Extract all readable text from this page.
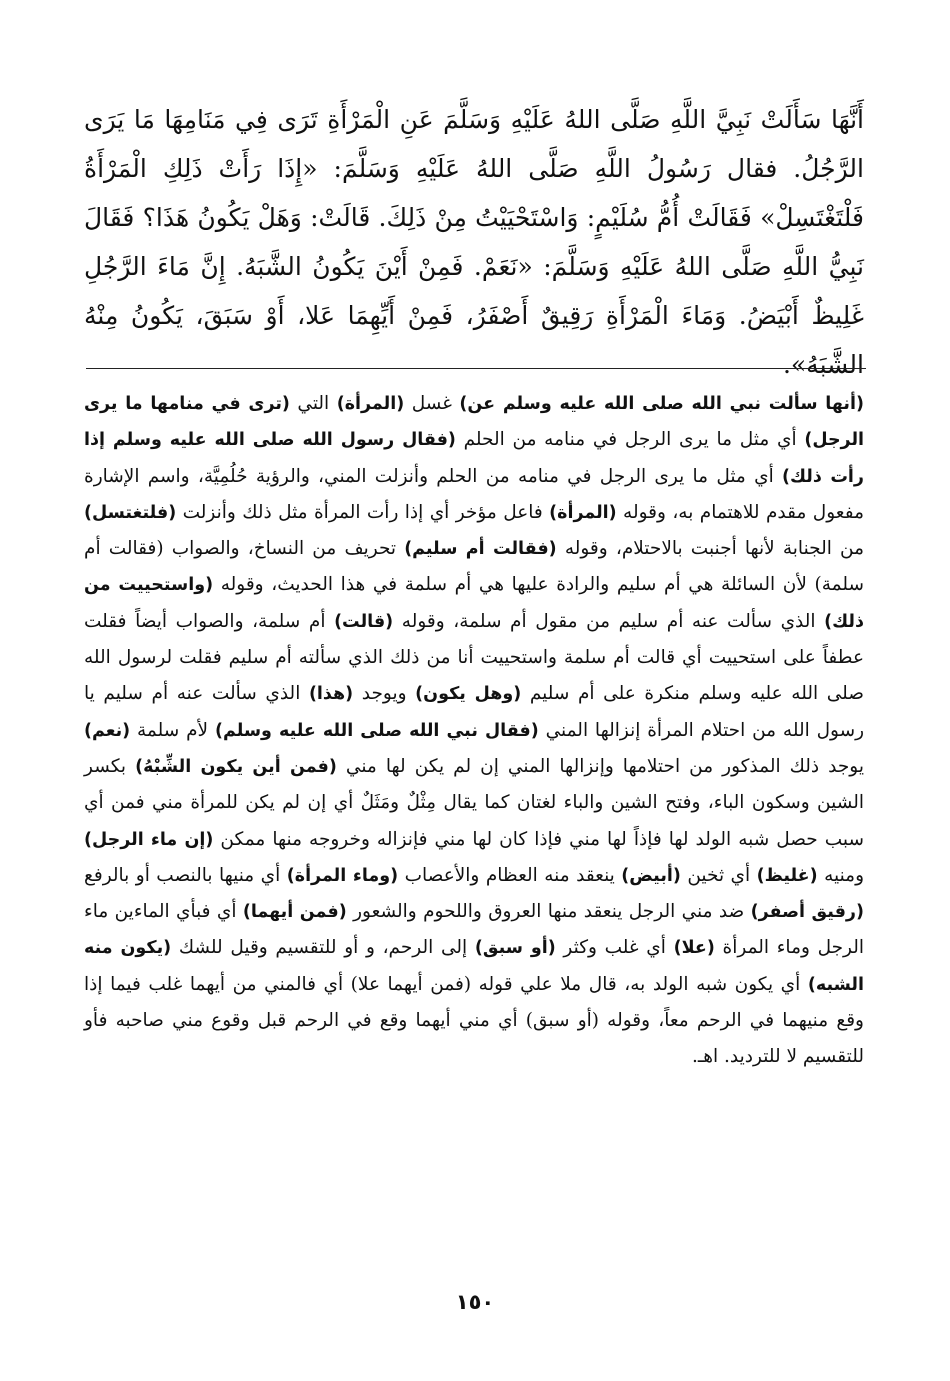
أَنَّهَا سَأَلَتْ نَبِيَّ اللَّهِ صَلَّى اللهُ عَلَيْهِ وَسَلَّمَ عَنِ الْمَرْأَةِ تَرَى فِي مَنَامِهَا مَا يَرَى الرَّجُلُ. فقال رَسُولُ اللَّهِ صَلَّى اللهُ عَلَيْهِ وَسَلَّمَ: «إِذَا رَأَتْ ذَلِكِ الْمَرْأَةُ فَلْتَغْتَسِلْ» فَقَالَتْ أُمُّ سُلَيْمٍ: وَاسْتَحْيَيْتُ مِنْ ذَلِكَ. قَالَتْ: وَهَلْ يَكُونُ هَذَا؟ فَقَالَ نَبِيُّ اللَّهِ صَلَّى اللهُ عَلَيْهِ وَسَلَّمَ: «نَعَمْ. فَمِنْ أَيْنَ يَكُونُ الشَّبَهُ. إِنَّ مَاءَ الرَّجُلِ غَلِيظٌ أَبْيَضُ. وَمَاءَ الْمَرْأَةِ رَقِيقٌ أَصْفَرُ، فَمِنْ أَيِّهِمَا عَلا، أَوْ سَبَقَ، يَكُونُ مِنْهُ الشَّبَهُ».

(أنها سألت نبي الله صلى الله عليه وسلم عن) غسل (المرأة) التي (ترى في منامها ما يرى الرجل) أي مثل ما يرى الرجل في منامه من الحلم (فقال رسول الله صلى الله عليه وسلم إذا رأت ذلك) أي مثل ما يرى الرجل في منامه من الحلم وأنزلت المني، والرؤية حُلُمِيَّة، واسم الإشارة مفعول مقدم للاهتمام به، وقوله (المرأة) فاعل مؤخر أي إذا رأت المرأة مثل ذلك وأنزلت (فلتغتسل) من الجنابة لأنها أجنبت بالاحتلام، وقوله (فقالت أم سليم) تحريف من النساخ، والصواب (فقالت أم سلمة) لأن السائلة هي أم سليم والرادة عليها هي أم سلمة في هذا الحديث، وقوله (واستحييت من ذلك) الذي سألت عنه أم سليم من مقول أم سلمة، وقوله (قالت) أم سلمة، والصواب أيضاً فقلت عطفاً على استحييت أي قالت أم سلمة واستحييت أنا من ذلك الذي سألته أم سليم فقلت لرسول الله صلى الله عليه وسلم منكرة على أم سليم (وهل يكون) ويوجد (هذا) الذي سألت عنه أم سليم يا رسول الله من احتلام المرأة إنزالها المني (فقال نبي الله صلى الله عليه وسلم) لأم سلمة (نعم) يوجد ذلك المذكور من احتلامها وإنزالها المني إن لم يكن لها مني (فمن أين يكون الشِّبْهُ) بكسر الشين وسكون الباء، وفتح الشين والباء لغتان كما يقال مِثْلٌ ومَثَلٌ أي إن لم يكن للمرأة مني فمن أي سبب حصل شبه الولد لها فإذاً لها مني فإذا كان لها مني فإنزاله وخروجه منها ممكن (إن ماء الرجل) ومنيه (غليظ) أي ثخين (أبيض) ينعقد منه العظام والأعصاب (وماء المرأة) أي منيها بالنصب أو بالرفع (رقيق أصفر) ضد مني الرجل ينعقد منها العروق واللحوم والشعور (فمن أيهما) أي فبأي الماءين ماء الرجل وماء المرأة (علا) أي غلب وكثر (أو سبق) إلى الرحم، و أو للتقسيم وقيل للشك (يكون منه الشبه) أي يكون شبه الولد به، قال ملا علي قوله (فمن أيهما علا) أي فالمني من أيهما غلب فيما إذا وقع منيهما في الرحم معاً، وقوله (أو سبق) أي مني أيهما وقع في الرحم قبل وقوع مني صاحبه فأو للتقسيم لا للترديد. اهـ.

١٥٠
